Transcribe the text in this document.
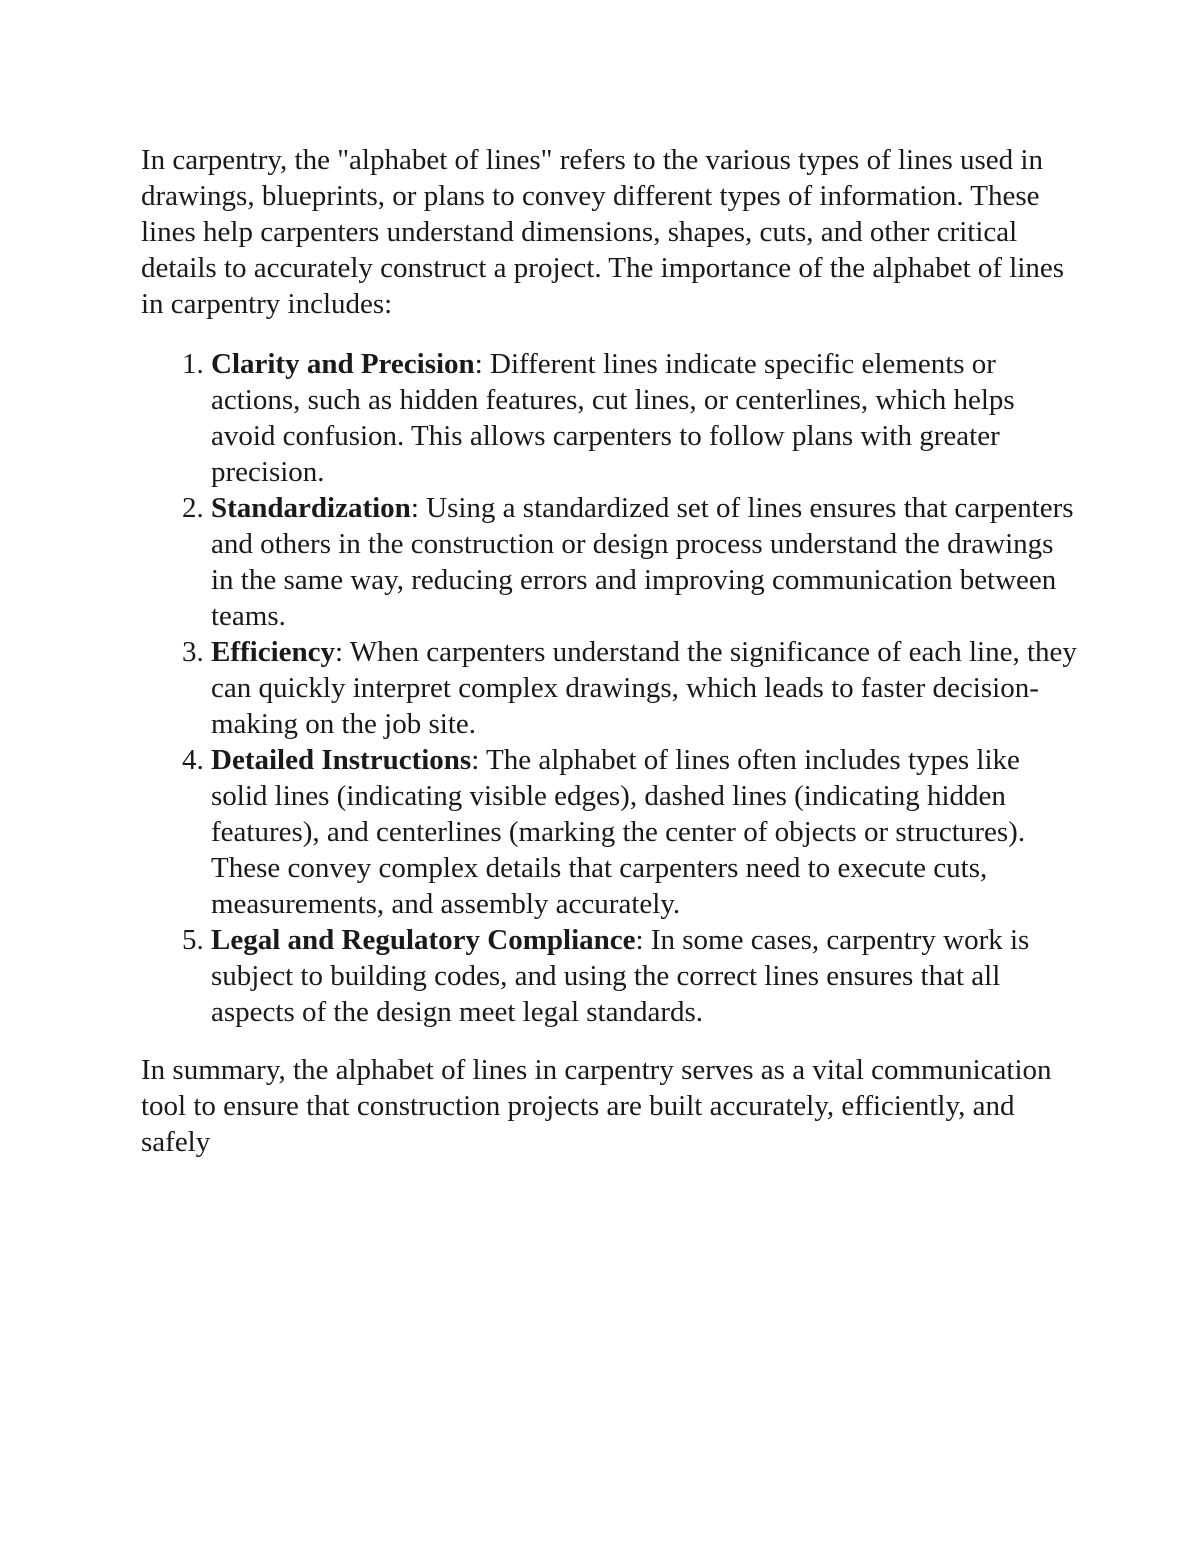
In carpentry, the "alphabet of lines" refers to the various types of lines used in drawings, blueprints, or plans to convey different types of information. These lines help carpenters understand dimensions, shapes, cuts, and other critical details to accurately construct a project. The importance of the alphabet of lines in carpentry includes:

1. Clarity and Precision: Different lines indicate specific elements or actions, such as hidden features, cut lines, or centerlines, which helps avoid confusion. This allows carpenters to follow plans with greater precision.
2. Standardization: Using a standardized set of lines ensures that carpenters and others in the construction or design process understand the drawings in the same way, reducing errors and improving communication between teams.
3. Efficiency: When carpenters understand the significance of each line, they can quickly interpret complex drawings, which leads to faster decision-making on the job site.
4. Detailed Instructions: The alphabet of lines often includes types like solid lines (indicating visible edges), dashed lines (indicating hidden features), and centerlines (marking the center of objects or structures). These convey complex details that carpenters need to execute cuts, measurements, and assembly accurately.
5. Legal and Regulatory Compliance: In some cases, carpentry work is subject to building codes, and using the correct lines ensures that all aspects of the design meet legal standards.

In summary, the alphabet of lines in carpentry serves as a vital communication tool to ensure that construction projects are built accurately, efficiently, and safely
